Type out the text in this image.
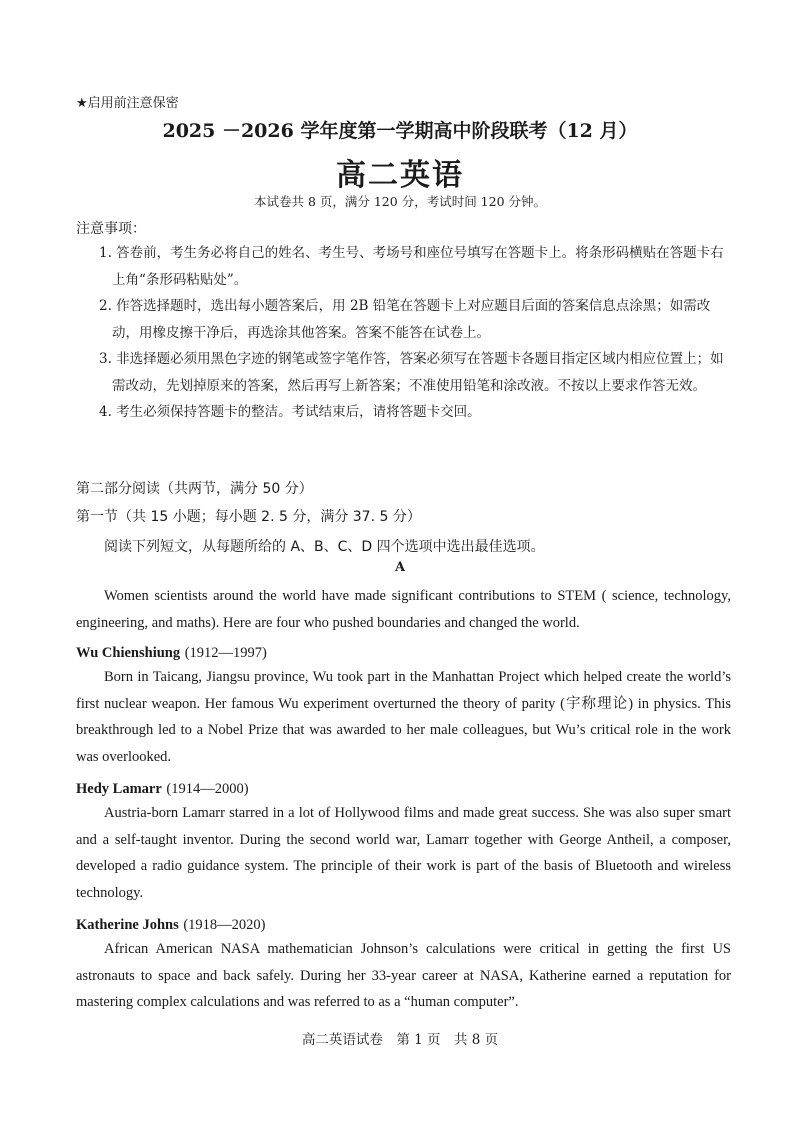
★启用前注意保密
2025 －2026 学年度第一学期高中阶段联考（12 月）
高二英语
本试卷共 8 页，满分 120 分，考试时间 120 分钟。
注意事项：
1. 答卷前，考生务必将自己的姓名、考生号、考场号和座位号填写在答题卡上。将条形码横贴在答题卡右上角“条形码粘贴处”。
2. 作答选择题时，选出每小题答案后，用 2B 铅笔在答题卡上对应题目后面的答案信息点涂黑；如需改动，用橡皮擦干净后，再选涂其他答案。答案不能答在试卷上。
3. 非选择题必须用黑色字迹的钢笔或签字笔作答，答案必须写在答题卡各题目指定区域内相应位置上；如需改动，先划掉原来的答案，然后再写上新答案；不准使用铅笔和涂改液。不按以上要求作答无效。
4. 考生必须保持答题卡的整洁。考试结束后，请将答题卡交回。
第二部分阅读（共两节，满分 50 分）
第一节（共 15 小题；每小题 2. 5 分，满分 37. 5 分）
阅读下列短文，从每题所给的 A、B、C、D 四个选项中选出最佳选项。
A

Women scientists around the world have made significant contributions to STEM ( science, technology, engineering, and maths). Here are four who pushed boundaries and changed the world.

Wu Chienshiung (1912—1997)

Born in Taicang, Jiangsu province, Wu took part in the Manhattan Project which helped create the world’s first nuclear weapon. Her famous Wu experiment overturned the theory of parity (宇称理论) in physics. This breakthrough led to a Nobel Prize that was awarded to her male colleagues, but Wu’s critical role in the work was overlooked.

Hedy Lamarr (1914—2000)

Austria-born Lamarr starred in a lot of Hollywood films and made great success. She was also super smart and a self-taught inventor. During the second world war, Lamarr together with George Antheil, a composer, developed a radio guidance system. The principle of their work is part of the basis of Bluetooth and wireless technology.

Katherine Johns (1918—2020)

African American NASA mathematician Johnson’s calculations were critical in getting the first US astronauts to space and back safely. During her 33-year career at NASA, Katherine earned a reputation for mastering complex calculations and was referred to as a “human computer”.

高二英语试卷　第 1 页　共 8 页
